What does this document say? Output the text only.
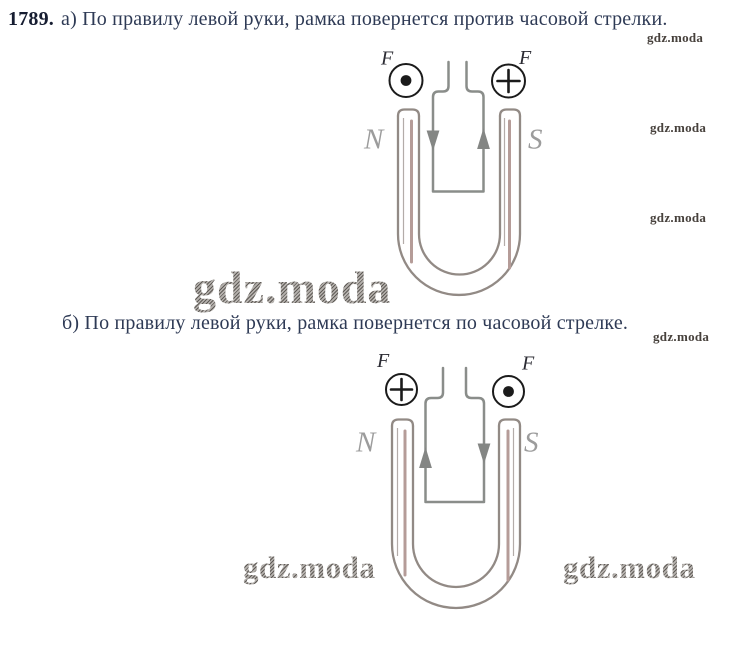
1789. а) По правилу левой руки, рамка повернется против часовой стрелки.
gdz.moda
gdz.moda
gdz.moda
gdz.moda
F	F
N	S
gdz.moda
б) По правилу левой руки, рамка повернется по часовой стрелке.
F	F
N	S
gdz.moda	gdz.moda
